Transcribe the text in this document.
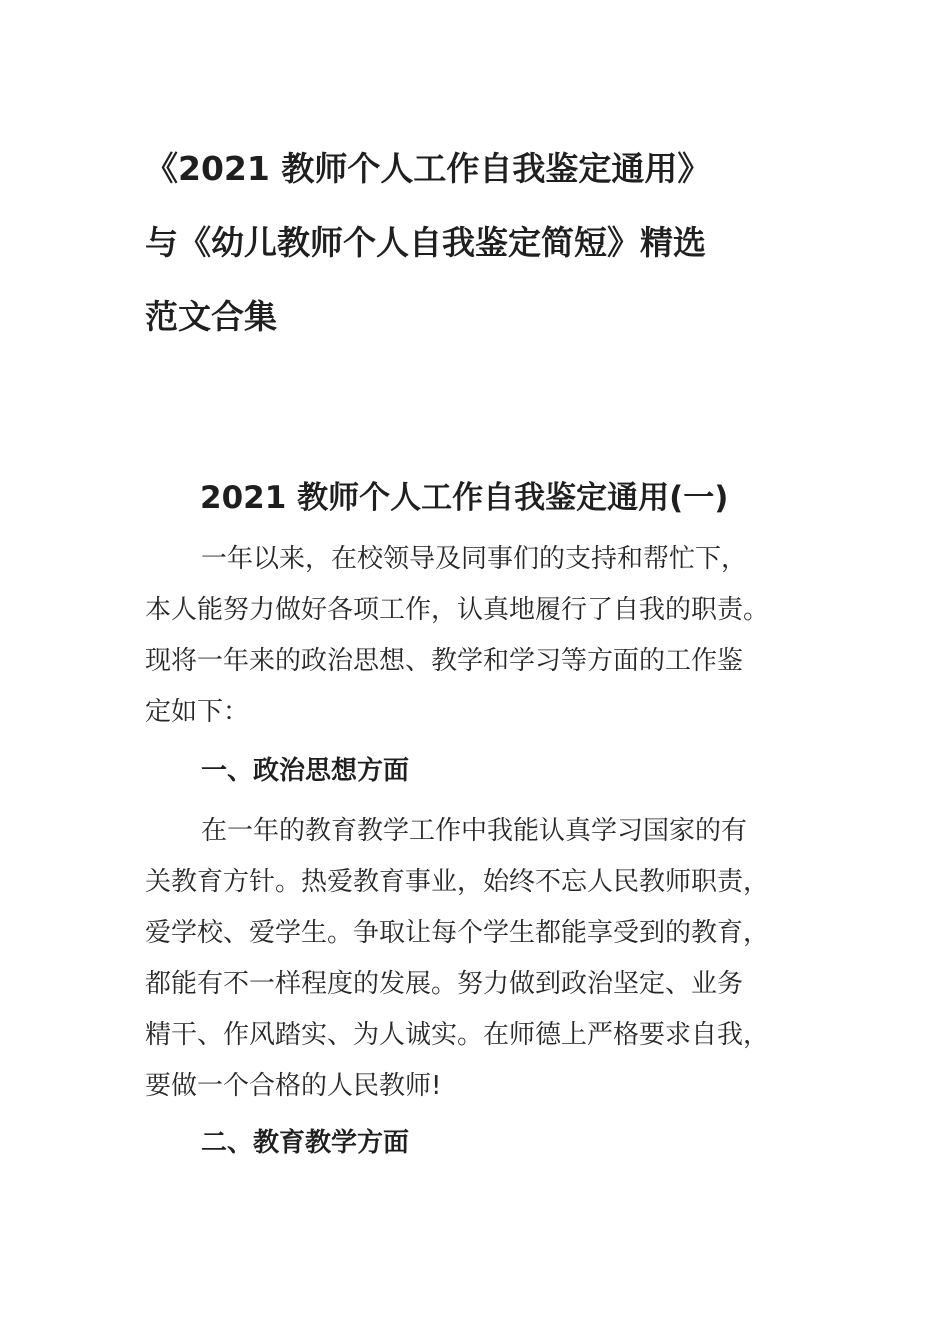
《2021 教师个人工作自我鉴定通用》
与《幼儿教师个人自我鉴定简短》精选
范文合集
2021 教师个人工作自我鉴定通用(一)
一年以来，在校领导及同事们的支持和帮忙下，
本人能努力做好各项工作，认真地履行了自我的职责。
现将一年来的政治思想、教学和学习等方面的工作鉴
定如下：
一、政治思想方面
在一年的教育教学工作中我能认真学习国家的有
关教育方针。热爱教育事业，始终不忘人民教师职责，
爱学校、爱学生。争取让每个学生都能享受到的教育，
都能有不一样程度的发展。努力做到政治坚定、业务
精干、作风踏实、为人诚实。在师德上严格要求自我，
要做一个合格的人民教师!
二、教育教学方面
